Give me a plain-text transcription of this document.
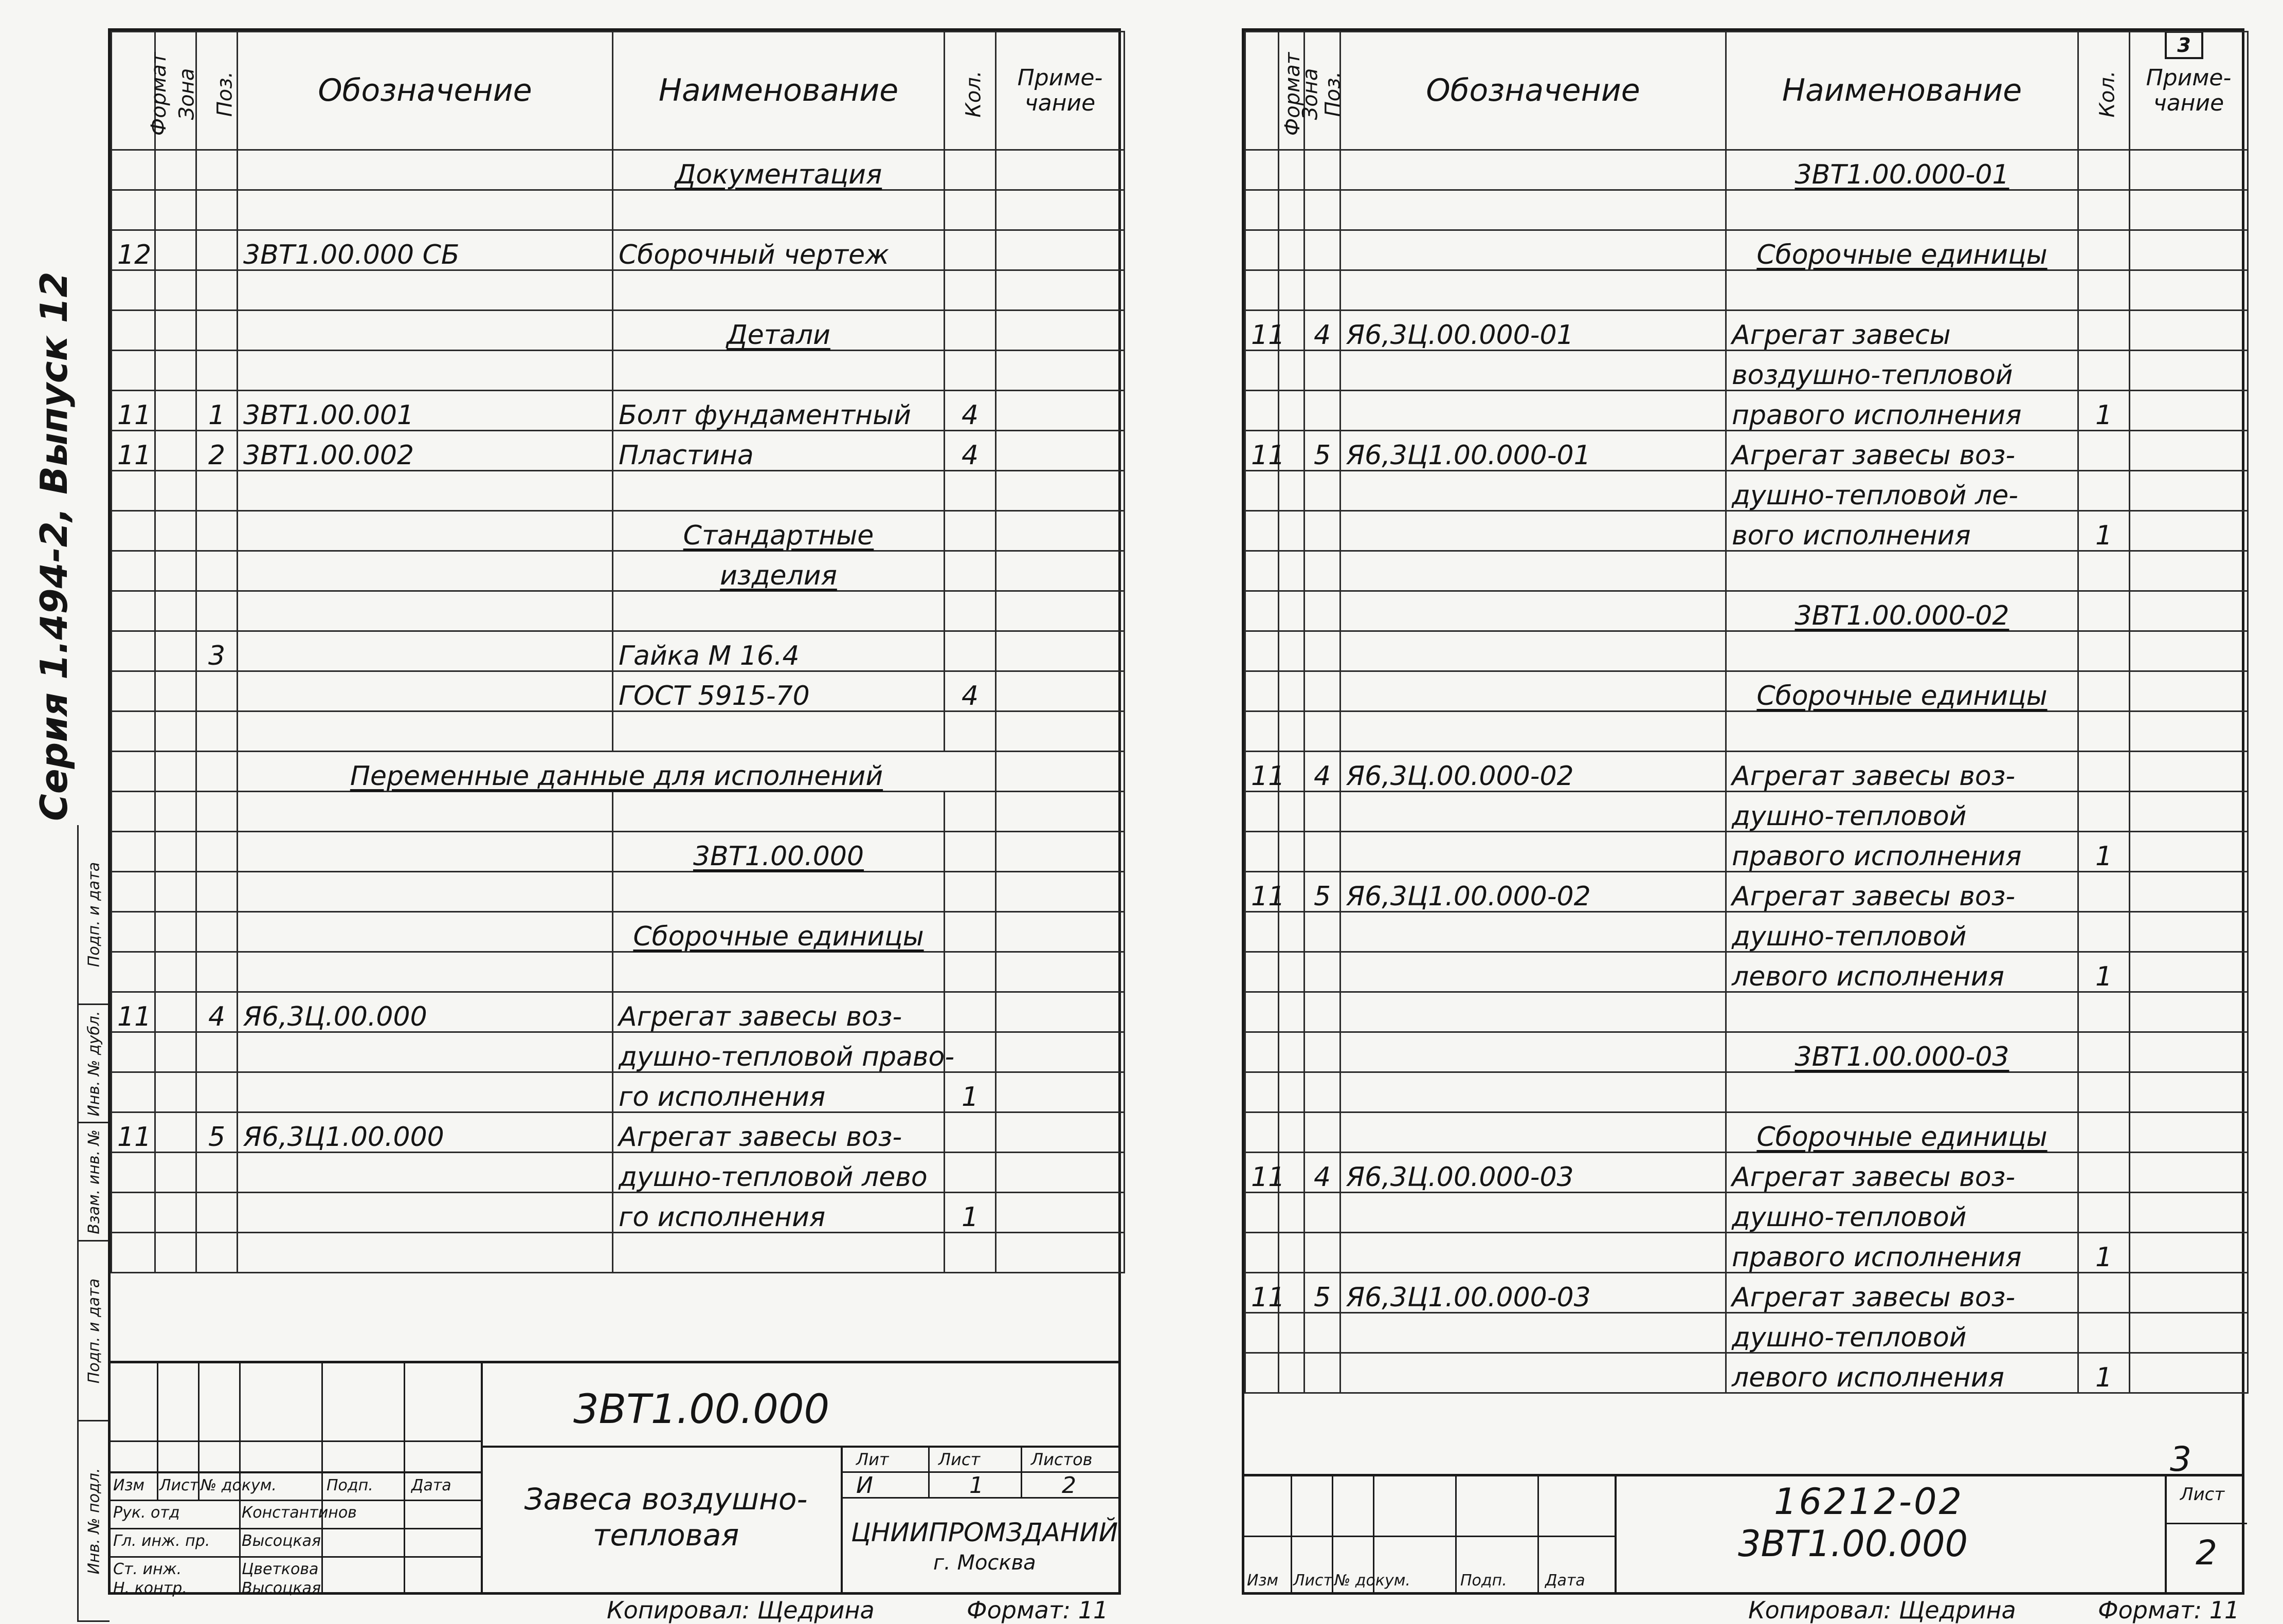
Серия 1.494-2, Выпуск 12
Подп. и дата
Инв. № дубл.
Взам. инв. №
Подп. и дата
Инв. № подл.
Формат	Зона	Поз.	Обозначение	Наименование	Кол.	Приме- чание
				Документация		

12			3ВТ1.00.000 СБ	Сборочный чертеж		

				Детали		

11		1	3ВТ1.00.001	Болт фундаментный	4	
11		2	3ВТ1.00.002	Пластина	4	

				Стандартные		
				изделия		

		3		Гайка М 16.4		
				ГОСТ 5915-70	4	

			Переменные данные для исполнений			

				3ВТ1.00.000		

				Сборочные единицы		

11		4	Я6,3Ц.00.000	Агрегат завесы воз-		
				душно-тепловой право-		
				го исполнения	1	
11		5	Я6,3Ц1.00.000	Агрегат завесы воз-		
				душно-тепловой лево		
				го исполнения	1	

Изм Лист № докум.	Подп. Дата
Рук. отд	Константинов
Гл. инж. пр. Высоцкая
Ст. инж.	Цветкова
Н. контр.	Высоцкая
3ВТ1.00.000
Завеса воздушно- тепловая
Лит	Лист	Листов
И	1	2
ЦНИИПРОМЗДАНИЙ
г. Москва
Копировал: Щедрина	Формат: 11
3
Формат	Зона	Поз.	Обозначение	Наименование	Кол.	Приме- чание
				3ВТ1.00.000-01		

				Сборочные единицы		

11		4	Я6,3Ц.00.000-01	Агрегат завесы		
				воздушно-тепловой		
				правого исполнения	1	
11		5	Я6,3Ц1.00.000-01	Агрегат завесы воз-		
				душно-тепловой ле-		
				вого исполнения	1	

				3ВТ1.00.000-02		

				Сборочные единицы		

11		4	Я6,3Ц.00.000-02	Агрегат завесы воз-		
				душно-тепловой		
				правого исполнения	1	
11		5	Я6,3Ц1.00.000-02	Агрегат завесы воз-		
				душно-тепловой		
				левого исполнения	1	

				3ВТ1.00.000-03		

				Сборочные единицы		
11		4	Я6,3Ц.00.000-03	Агрегат завесы воз-		
				душно-тепловой		
				правого исполнения	1	
11		5	Я6,3Ц1.00.000-03	Агрегат завесы воз-		
				душно-тепловой		
				левого исполнения	1	
Изм Лист № докум.	Подп. Дата
3ВТ1.00.000
Лист
2
3
16212-02
Копировал: Щедрина	Формат: 11
